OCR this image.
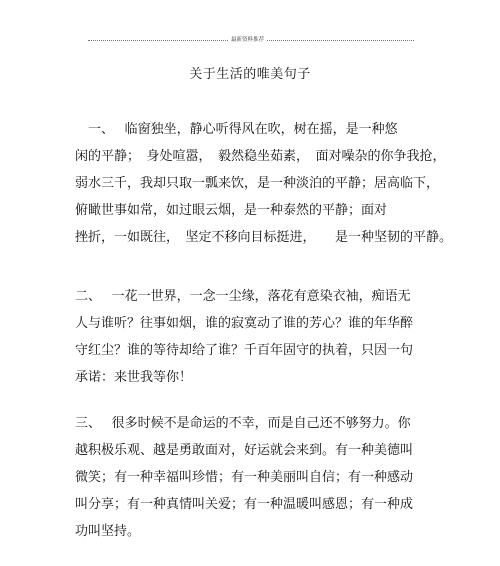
最新资料推荐
关于生活的唯美句子
　一、　 临窗独坐，静心听得风在吹，树在摇，是一种悠
闲的平静；　身处喧嚣，　毅然稳坐茹素，　面对噪杂的你争我抢，
弱水三千，我却只取一瓢来饮，是一种淡泊的平静；居高临下，
俯瞰世事如常，如过眼云烟，是一种泰然的平静；面对
挫折，一如既往，　坚定不移向目标挺进，　　是一种坚韧的平静。
二、　 一花一世界，一念一尘缘，落花有意染衣袖，痴语无
人与谁听？往事如烟，谁的寂寞动了谁的芳心？谁的年华醉
守红尘？谁的等待却给了谁？千百年固守的执着，只因一句
承诺：来世我等你！
三、　 很多时候不是命运的不幸，而是自己还不够努力。你
越积极乐观、越是勇敢面对，好运就会来到。有一种美德叫
微笑；有一种幸福叫珍惜；有一种美丽叫自信；有一种感动
叫分享；有一种真情叫关爱；有一种温暖叫感恩；有一种成
功叫坚持。
